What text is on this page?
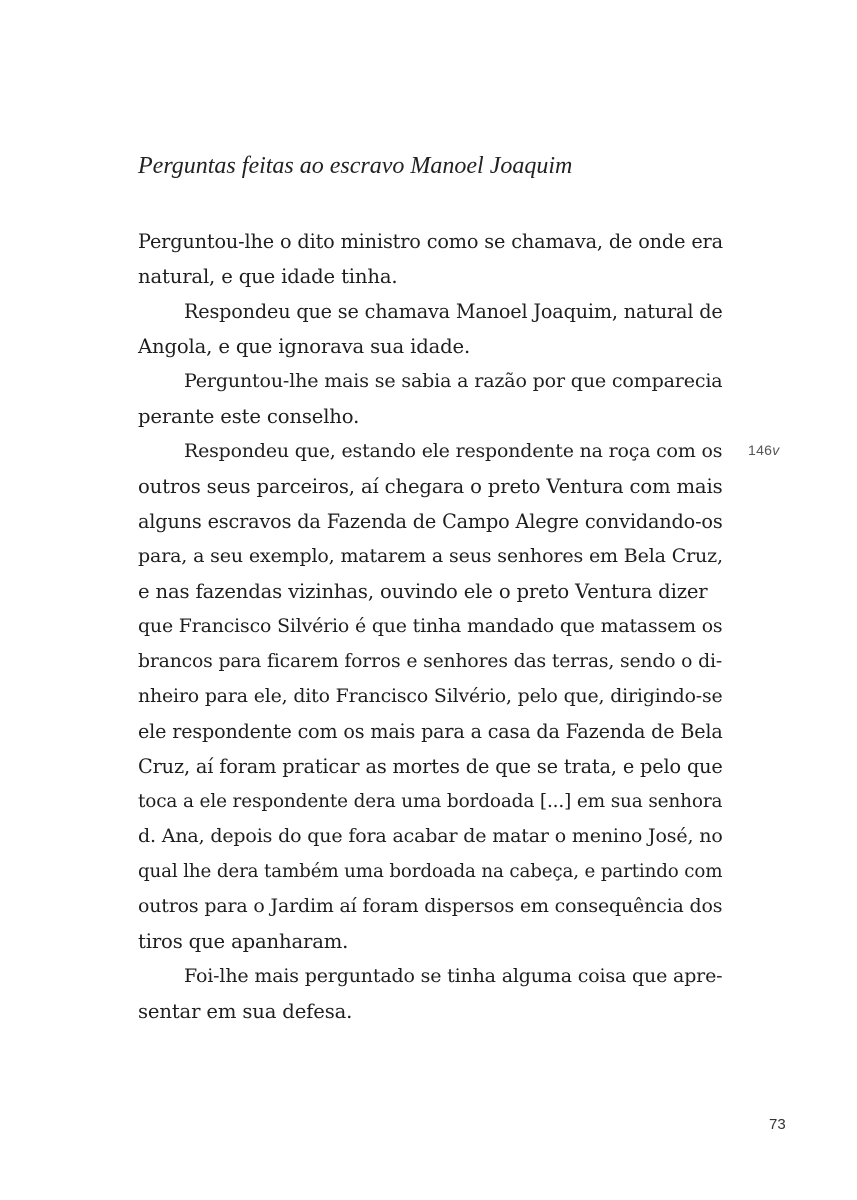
Perguntas feitas ao escravo Manoel Joaquim
Perguntou-lhe o dito ministro como se chamava, de onde era
natural, e que idade tinha.
Respondeu que se chamava Manoel Joaquim, natural de
Angola, e que ignorava sua idade.
Perguntou-lhe mais se sabia a razão por que comparecia
perante este conselho.
Respondeu que, estando ele respondente na roça com os
outros seus parceiros, aí chegara o preto Ventura com mais
alguns escravos da Fazenda de Campo Alegre convidando-os
para, a seu exemplo, matarem a seus senhores em Bela Cruz,
e nas fazendas vizinhas, ouvindo ele o preto Ventura dizer
que Francisco Silvério é que tinha mandado que matassem os
brancos para ficarem forros e senhores das terras, sendo o di-
nheiro para ele, dito Francisco Silvério, pelo que, dirigindo-se
ele respondente com os mais para a casa da Fazenda de Bela
Cruz, aí foram praticar as mortes de que se trata, e pelo que
toca a ele respondente dera uma bordoada [...] em sua senhora
d. Ana, depois do que fora acabar de matar o menino José, no
qual lhe dera também uma bordoada na cabeça, e partindo com
outros para o Jardim aí foram dispersos em consequência dos
tiros que apanharam.
Foi-lhe mais perguntado se tinha alguma coisa que apre-
sentar em sua defesa.
146v
73
